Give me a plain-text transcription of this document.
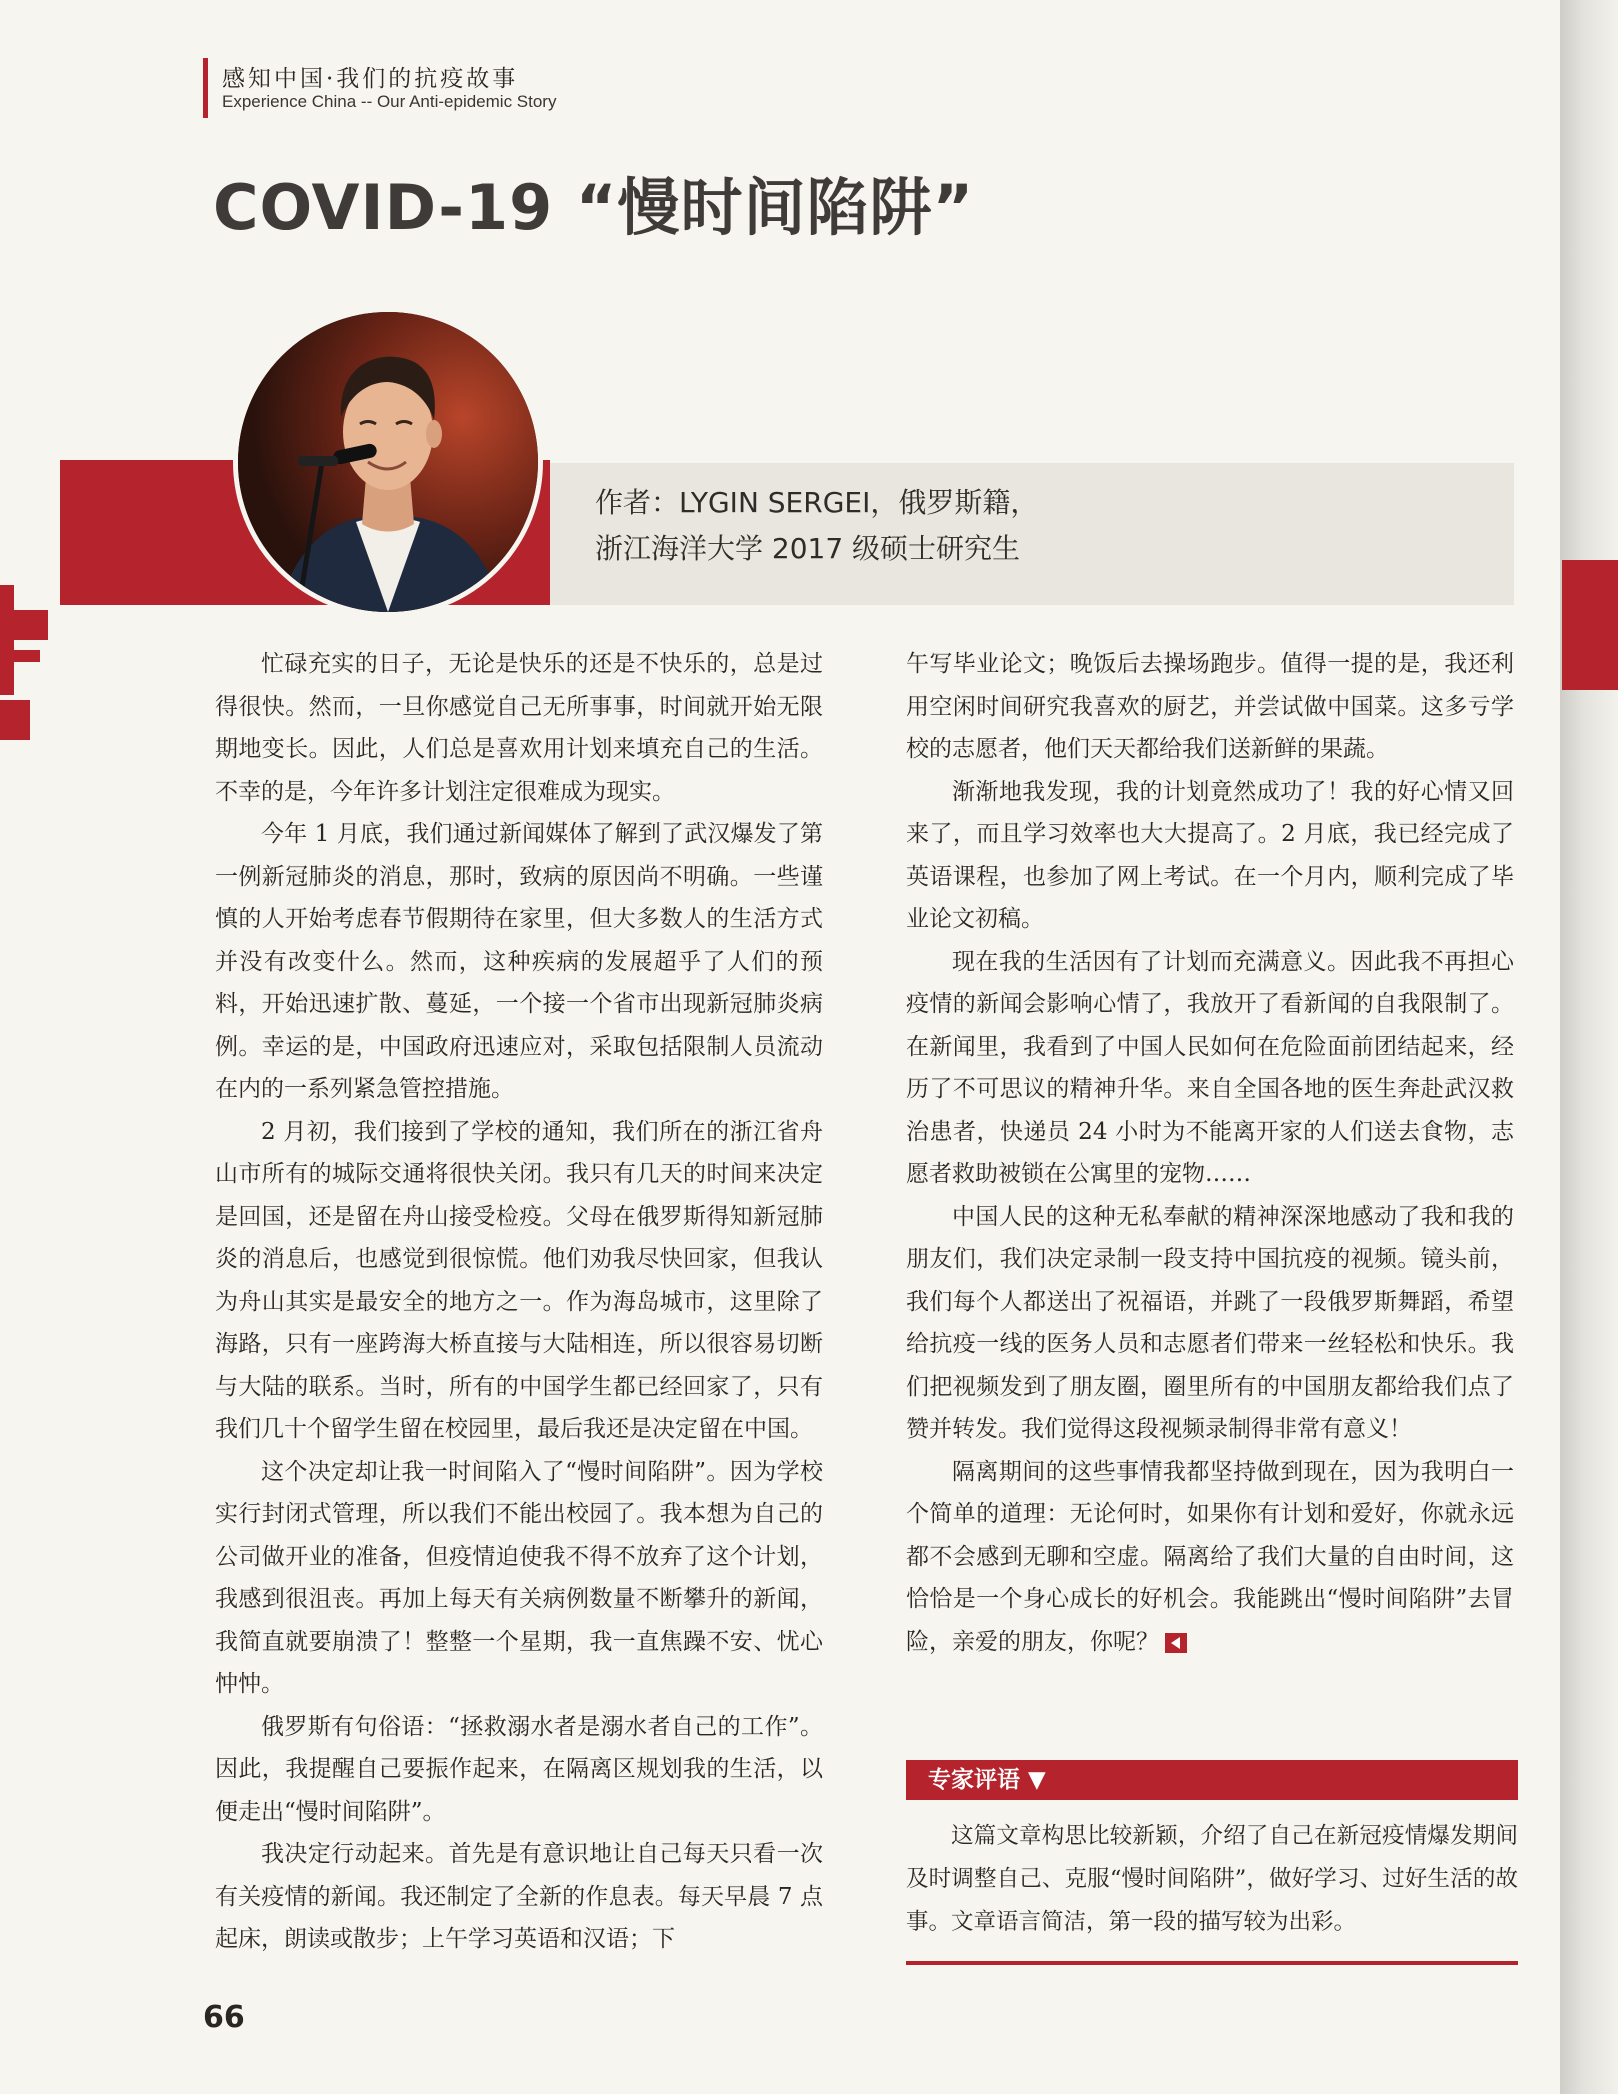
感知中国·我们的抗疫故事
Experience China -- Our Anti-epidemic Story
COVID-19 “慢时间陷阱”
作者：LYGIN SERGEI，俄罗斯籍，
浙江海洋大学 2017 级硕士研究生

忙碌充实的日子，无论是快乐的还是不快乐的，总是过得很快。然而，一旦你感觉自己无所事事，时间就开始无限期地变长。因此，人们总是喜欢用计划来填充自己的生活。不幸的是，今年许多计划注定很难成为现实。

今年 1 月底，我们通过新闻媒体了解到了武汉爆发了第一例新冠肺炎的消息，那时，致病的原因尚不明确。一些谨慎的人开始考虑春节假期待在家里，但大多数人的生活方式并没有改变什么。然而，这种疾病的发展超乎了人们的预料，开始迅速扩散、蔓延，一个接一个省市出现新冠肺炎病例。幸运的是，中国政府迅速应对，采取包括限制人员流动在内的一系列紧急管控措施。

2 月初，我们接到了学校的通知，我们所在的浙江省舟山市所有的城际交通将很快关闭。我只有几天的时间来决定是回国，还是留在舟山接受检疫。父母在俄罗斯得知新冠肺炎的消息后，也感觉到很惊慌。他们劝我尽快回家，但我认为舟山其实是最安全的地方之一。作为海岛城市，这里除了海路，只有一座跨海大桥直接与大陆相连，所以很容易切断与大陆的联系。当时，所有的中国学生都已经回家了，只有我们几十个留学生留在校园里，最后我还是决定留在中国。

这个决定却让我一时间陷入了“慢时间陷阱”。因为学校实行封闭式管理，所以我们不能出校园了。我本想为自己的公司做开业的准备，但疫情迫使我不得不放弃了这个计划，我感到很沮丧。再加上每天有关病例数量不断攀升的新闻，我简直就要崩溃了！整整一个星期，我一直焦躁不安、忧心忡忡。

俄罗斯有句俗语：“拯救溺水者是溺水者自己的工作”。因此，我提醒自己要振作起来，在隔离区规划我的生活，以便走出“慢时间陷阱”。

我决定行动起来。首先是有意识地让自己每天只看一次有关疫情的新闻。我还制定了全新的作息表。每天早晨 7 点起床，朗读或散步；上午学习英语和汉语；下

午写毕业论文；晚饭后去操场跑步。值得一提的是，我还利用空闲时间研究我喜欢的厨艺，并尝试做中国菜。这多亏学校的志愿者，他们天天都给我们送新鲜的果蔬。

渐渐地我发现，我的计划竟然成功了！我的好心情又回来了，而且学习效率也大大提高了。2 月底，我已经完成了英语课程，也参加了网上考试。在一个月内，顺利完成了毕业论文初稿。

现在我的生活因有了计划而充满意义。因此我不再担心疫情的新闻会影响心情了，我放开了看新闻的自我限制了。在新闻里，我看到了中国人民如何在危险面前团结起来，经历了不可思议的精神升华。来自全国各地的医生奔赴武汉救治患者，快递员 24 小时为不能离开家的人们送去食物，志愿者救助被锁在公寓里的宠物……

中国人民的这种无私奉献的精神深深地感动了我和我的朋友们，我们决定录制一段支持中国抗疫的视频。镜头前，我们每个人都送出了祝福语，并跳了一段俄罗斯舞蹈，希望给抗疫一线的医务人员和志愿者们带来一丝轻松和快乐。我们把视频发到了朋友圈，圈里所有的中国朋友都给我们点了赞并转发。我们觉得这段视频录制得非常有意义！

隔离期间的这些事情我都坚持做到现在，因为我明白一个简单的道理：无论何时，如果你有计划和爱好，你就永远都不会感到无聊和空虚。隔离给了我们大量的自由时间，这恰恰是一个身心成长的好机会。我能跳出“慢时间陷阱”去冒险，亲爱的朋友，你呢？

专家评语 ▼

这篇文章构思比较新颖，介绍了自己在新冠疫情爆发期间及时调整自己、克服“慢时间陷阱”，做好学习、过好生活的故事。文章语言简洁，第一段的描写较为出彩。

66
